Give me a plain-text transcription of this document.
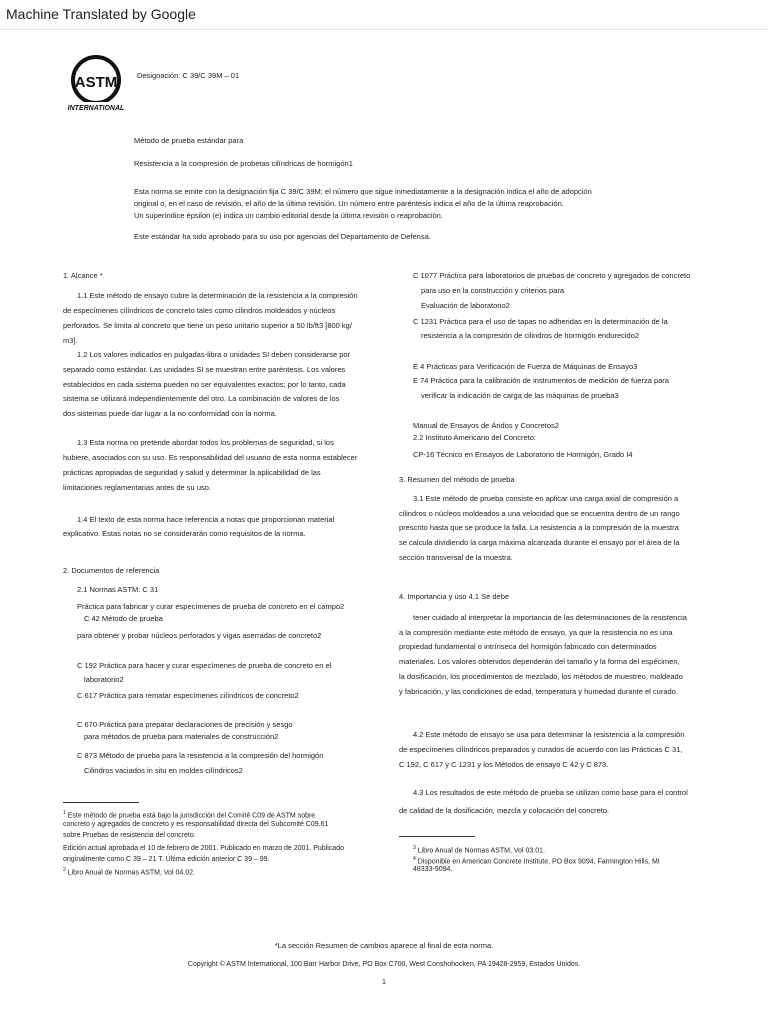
Machine Translated by Google
ASTM
INTERNATIONAL
Designación: C 39/C 39M – 01
Método de prueba estándar para
Resistencia a la compresión de probetas cilíndricas de hormigón1
Esta norma se emite con la designación fija C 39/C 39M; el número que sigue inmediatamente a la designación indica el año de adopción
original o, en el caso de revisión, el año de la última revisión. Un número entre paréntesis indica el año de la última reaprobación.
Un superíndice épsilon (e) indica un cambio editorial desde la última revisión o reaprobación.
Este estándar ha sido aprobado para su uso por agencias del Departamento de Defensa.
1. Alcance *
1.1 Este método de ensayo cubre la determinación de la resistencia a la compresión
de especímenes cilíndricos de concreto tales como cilindros moldeados y núcleos
perforados. Se limita al concreto que tiene un peso unitario superior a 50 lb/ft3 [800 kg/
m3].
1.2 Los valores indicados en pulgadas-libra o unidades SI deben considerarse por
separado como estándar. Las unidades SI se muestran entre paréntesis. Los valores
establecidos en cada sistema pueden no ser equivalentes exactos; por lo tanto, cada
sistema se utilizará independientemente del otro. La combinación de valores de los
dos sistemas puede dar lugar a la no conformidad con la norma.
1.3 Esta norma no pretende abordar todos los problemas de seguridad, si los
hubiere, asociados con su uso. Es responsabilidad del usuario de esta norma establecer
prácticas apropiadas de seguridad y salud y determinar la aplicabilidad de las
limitaciones reglamentarias antes de su uso.
1.4 El texto de esta norma hace referencia a notas que proporcionan material
explicativo. Estas notas no se considerarán como requisitos de la norma.
2. Documentos de referencia
2.1 Normas ASTM: C 31
Práctica para fabricar y curar especímenes de prueba de concreto en el campo2
C 42 Método de prueba
para obtener y probar núcleos perforados y vigas aserradas de concreto2
C 192 Práctica para hacer y curar especímenes de prueba de concreto en el
laboratorio2
C 617 Práctica para rematar especímenes cilíndricos de concreto2
C 670 Práctica para preparar declaraciones de precisión y sesgo
para métodos de prueba para materiales de construcción2
C 873 Método de prueba para la resistencia a la compresión del hormigón
Cilindros vaciados in situ en moldes cilíndricos2
$^1$ Este método de prueba está bajo la jurisdicción del Comité C09 de ASTM sobre
concreto y agregados de concreto y es responsabilidad directa del Subcomité C09.61
sobre Pruebas de resistencia del concreto.
Edición actual aprobada el 10 de febrero de 2001. Publicado en marzo de 2001. Publicado
originalmente como C 39 – 21 T. Última edición anterior C 39 – 99.
$^2$ Libro Anual de Normas ASTM, Vol 04.02.
C 1077 Práctica para laboratorios de pruebas de concreto y agregados de concreto
para uso en la construcción y criterios para
Evaluación de laboratorio2
C 1231 Práctica para el uso de tapas no adheridas en la determinación de la
resistencia a la compresión de cilindros de hormigón endurecido2
E 4 Prácticas para Verificación de Fuerza de Máquinas de Ensayo3
E 74 Práctica para la calibración de instrumentos de medición de fuerza para
verificar la indicación de carga de las máquinas de prueba3
Manual de Ensayos de Áridos y Concretos2
2.2 Instituto Americano del Concreto:
CP-16 Técnico en Ensayos de Laboratorio de Hormigón, Grado I4
3. Resumen del método de prueba
3.1 Este método de prueba consiste en aplicar una carga axial de compresión a
cilindros o núcleos moldeados a una velocidad que se encuentra dentro de un rango
prescrito hasta que se produce la falla. La resistencia a la compresión de la muestra
se calcula dividiendo la carga máxima alcanzada durante el ensayo por el área de la
sección transversal de la muestra.
4. Importancia y uso 4.1 Se debe
tener cuidado al interpretar la importancia de las determinaciones de la resistencia
a la compresión mediante este método de ensayo, ya que la resistencia no es una
propiedad fundamental o intrínseca del hormigón fabricado con determinados
materiales. Los valores obtenidos dependerán del tamaño y la forma del espécimen,
la dosificación, los procedimientos de mezclado, los métodos de muestreo, moldeado
y fabricación, y las condiciones de edad, temperatura y humedad durante el curado.
4.2 Este método de ensayo se usa para determinar la resistencia a la compresión
de especímenes cilíndricos preparados y curados de acuerdo con las Prácticas C 31,
C 192, C 617 y C 1231 y los Métodos de ensayo C 42 y C 873.
4.3 Los resultados de este método de prueba se utilizan como base para el control
de calidad de la dosificación, mezcla y colocación del concreto.
$^3$ Libro Anual de Normas ASTM, Vol 03.01.
$^4$ Disponible en American Concrete Institute, PO Box 9094, Farmington Hills, MI
48333-9094.
*La sección Resumen de cambios aparece al final de esta norma.
Copyright © ASTM International, 100 Barr Harbor Drive, PO Box C700, West Conshohocken, PA 19428-2959, Estados Unidos.
1
